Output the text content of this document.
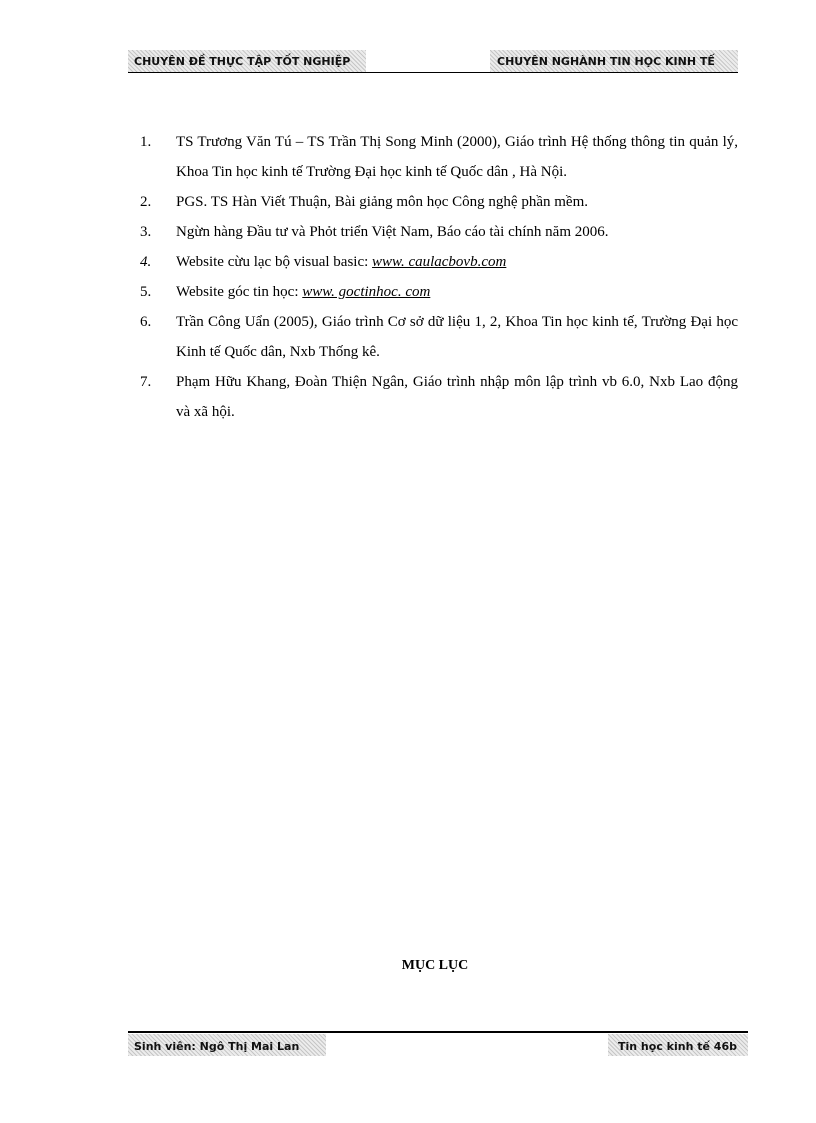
CHUYÊN ĐỀ THỰC TẬP TỐT NGHIỆP	CHUYÊN NGHÀNH TIN HỌC KINH TẾ
1.	TS Trương Văn Tú – TS Trần Thị Song Minh (2000), Giáo trình Hệ thống thông tin quản lý, Khoa Tin học kinh tế Trường Đại học kinh tế Quốc dân , Hà Nội.
2.	PGS. TS Hàn Viết Thuận, Bài giảng môn học Công nghệ phần mềm.
3.	Ngừn hàng Đầu tư và Phỏt triển Việt Nam, Báo cáo tài chính năm 2006.
4.	Website cừu lạc bộ visual basic: www. caulacbovb.com
5.	Website góc tin học: www. goctinhoc. com
6.	Trần Công Uẩn (2005), Giáo trình Cơ sở dữ liệu 1, 2, Khoa Tin học kinh tế, Trường Đại học Kinh tế Quốc dân, Nxb Thống kê.
7.	Phạm Hữu Khang, Đoàn Thiện Ngân, Giáo trình nhập môn lập trình vb 6.0, Nxb Lao động và xã hội.
MỤC LỤC
Sinh viên: Ngô Thị Mai Lan	Tin học kinh tế 46b
